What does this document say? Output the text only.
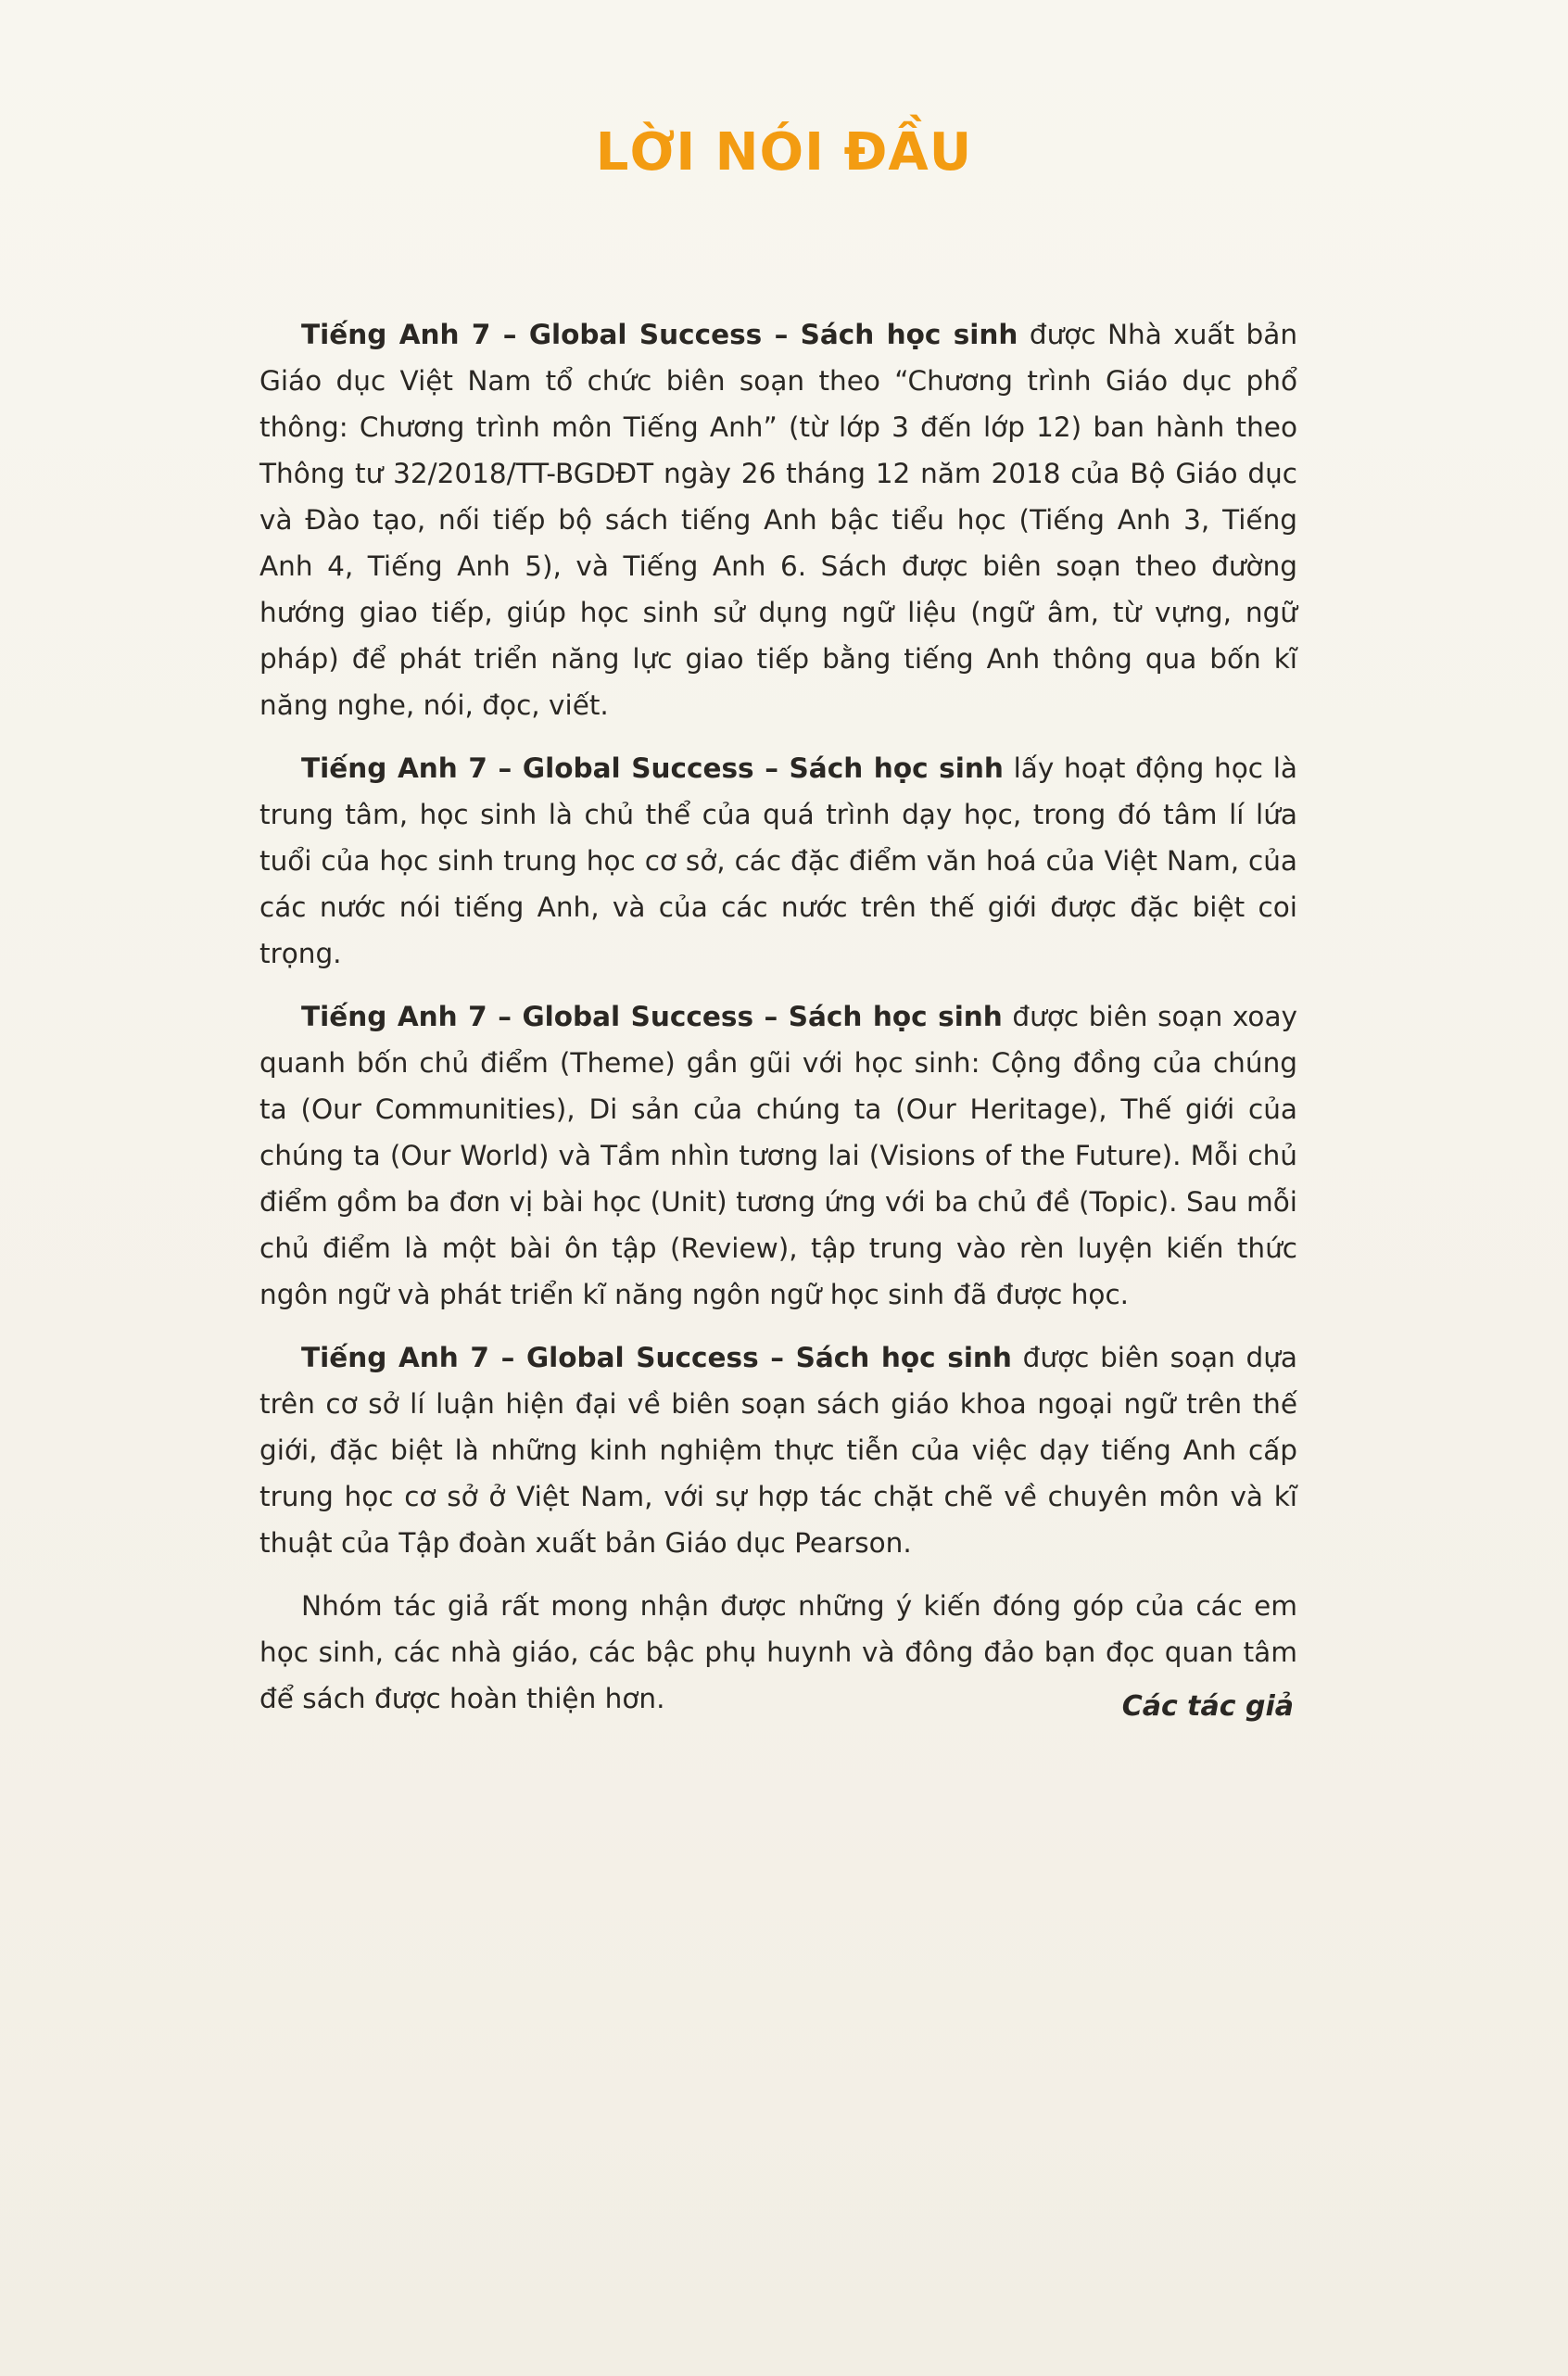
LỜI NÓI ĐẦU

Tiếng Anh 7 – Global Success – Sách học sinh được Nhà xuất bản Giáo dục Việt Nam tổ chức biên soạn theo “Chương trình Giáo dục phổ thông: Chương trình môn Tiếng Anh” (từ lớp 3 đến lớp 12) ban hành theo Thông tư 32/2018/TT-BGDĐT ngày 26 tháng 12 năm 2018 của Bộ Giáo dục và Đào tạo, nối tiếp bộ sách tiếng Anh bậc tiểu học (Tiếng Anh 3, Tiếng Anh 4, Tiếng Anh 5), và Tiếng Anh 6. Sách được biên soạn theo đường hướng giao tiếp, giúp học sinh sử dụng ngữ liệu (ngữ âm, từ vựng, ngữ pháp) để phát triển năng lực giao tiếp bằng tiếng Anh thông qua bốn kĩ năng nghe, nói, đọc, viết.

Tiếng Anh 7 – Global Success – Sách học sinh lấy hoạt động học là trung tâm, học sinh là chủ thể của quá trình dạy học, trong đó tâm lí lứa tuổi của học sinh trung học cơ sở, các đặc điểm văn hoá của Việt Nam, của các nước nói tiếng Anh, và của các nước trên thế giới được đặc biệt coi trọng.

Tiếng Anh 7 – Global Success – Sách học sinh được biên soạn xoay quanh bốn chủ điểm (Theme) gần gũi với học sinh: Cộng đồng của chúng ta (Our Communities), Di sản của chúng ta (Our Heritage), Thế giới của chúng ta (Our World) và Tầm nhìn tương lai (Visions of the Future). Mỗi chủ điểm gồm ba đơn vị bài học (Unit) tương ứng với ba chủ đề (Topic). Sau mỗi chủ điểm là một bài ôn tập (Review), tập trung vào rèn luyện kiến thức ngôn ngữ và phát triển kĩ năng ngôn ngữ học sinh đã được học.

Tiếng Anh 7 – Global Success – Sách học sinh được biên soạn dựa trên cơ sở lí luận hiện đại về biên soạn sách giáo khoa ngoại ngữ trên thế giới, đặc biệt là những kinh nghiệm thực tiễn của việc dạy tiếng Anh cấp trung học cơ sở ở Việt Nam, với sự hợp tác chặt chẽ về chuyên môn và kĩ thuật của Tập đoàn xuất bản Giáo dục Pearson.

Nhóm tác giả rất mong nhận được những ý kiến đóng góp của các em học sinh, các nhà giáo, các bậc phụ huynh và đông đảo bạn đọc quan tâm để sách được hoàn thiện hơn.	Các tác giả
